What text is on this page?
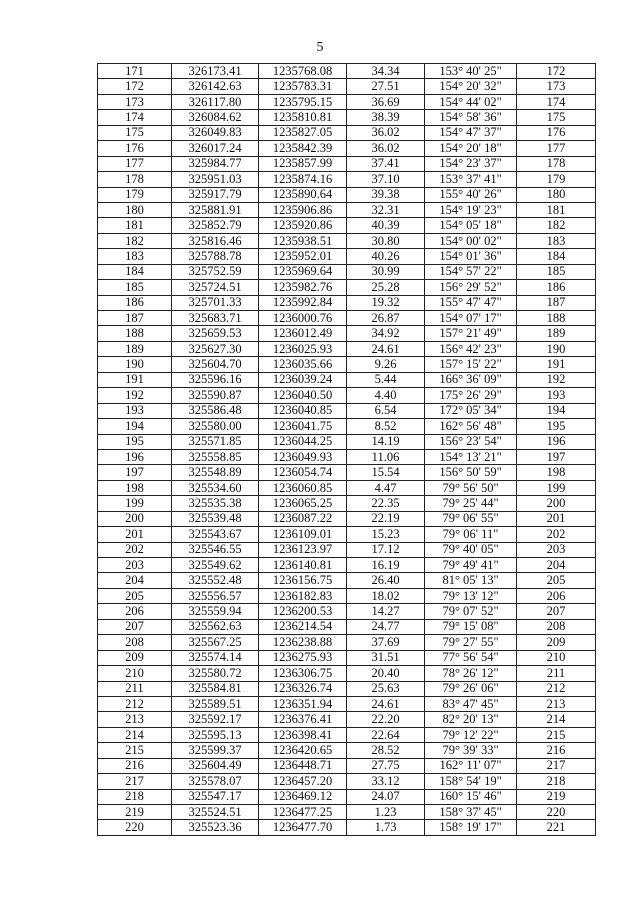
5
171	326173.41	1235768.08	34.34	153° 40' 25"	172
172	326142.63	1235783.31	27.51	154° 20' 32"	173
173	326117.80	1235795.15	36.69	154° 44' 02"	174
174	326084.62	1235810.81	38.39	154° 58' 36"	175
175	326049.83	1235827.05	36.02	154° 47' 37"	176
176	326017.24	1235842.39	36.02	154° 20' 18"	177
177	325984.77	1235857.99	37.41	154° 23' 37"	178
178	325951.03	1235874.16	37.10	153° 37' 41"	179
179	325917.79	1235890.64	39.38	155° 40' 26"	180
180	325881.91	1235906.86	32.31	154° 19' 23"	181
181	325852.79	1235920.86	40.39	154° 05' 18"	182
182	325816.46	1235938.51	30.80	154° 00' 02"	183
183	325788.78	1235952.01	40.26	154° 01' 36"	184
184	325752.59	1235969.64	30.99	154° 57' 22"	185
185	325724.51	1235982.76	25.28	156° 29' 52"	186
186	325701.33	1235992.84	19.32	155° 47' 47"	187
187	325683.71	1236000.76	26.87	154° 07' 17"	188
188	325659.53	1236012.49	34.92	157° 21' 49"	189
189	325627.30	1236025.93	24.61	156° 42' 23"	190
190	325604.70	1236035.66	9.26	157° 15' 22"	191
191	325596.16	1236039.24	5.44	166° 36' 09"	192
192	325590.87	1236040.50	4.40	175° 26' 29"	193
193	325586.48	1236040.85	6.54	172° 05' 34"	194
194	325580.00	1236041.75	8.52	162° 56' 48"	195
195	325571.85	1236044.25	14.19	156° 23' 54"	196
196	325558.85	1236049.93	11.06	154° 13' 21"	197
197	325548.89	1236054.74	15.54	156° 50' 59"	198
198	325534.60	1236060.85	4.47	79° 56' 50"	199
199	325535.38	1236065.25	22.35	79° 25' 44"	200
200	325539.48	1236087.22	22.19	79° 06' 55"	201
201	325543.67	1236109.01	15.23	79° 06' 11"	202
202	325546.55	1236123.97	17.12	79° 40' 05"	203
203	325549.62	1236140.81	16.19	79° 49' 41"	204
204	325552.48	1236156.75	26.40	81° 05' 13"	205
205	325556.57	1236182.83	18.02	79° 13' 12"	206
206	325559.94	1236200.53	14.27	79° 07' 52"	207
207	325562.63	1236214.54	24.77	79° 15' 08"	208
208	325567.25	1236238.88	37.69	79° 27' 55"	209
209	325574.14	1236275.93	31.51	77° 56' 54"	210
210	325580.72	1236306.75	20.40	78° 26' 12"	211
211	325584.81	1236326.74	25.63	79° 26' 06"	212
212	325589.51	1236351.94	24.61	83° 47' 45"	213
213	325592.17	1236376.41	22.20	82° 20' 13"	214
214	325595.13	1236398.41	22.64	79° 12' 22"	215
215	325599.37	1236420.65	28.52	79° 39' 33"	216
216	325604.49	1236448.71	27.75	162° 11' 07"	217
217	325578.07	1236457.20	33.12	158° 54' 19"	218
218	325547.17	1236469.12	24.07	160° 15' 46"	219
219	325524.51	1236477.25	1.23	158° 37' 45"	220
220	325523.36	1236477.70	1.73	158° 19' 17"	221
